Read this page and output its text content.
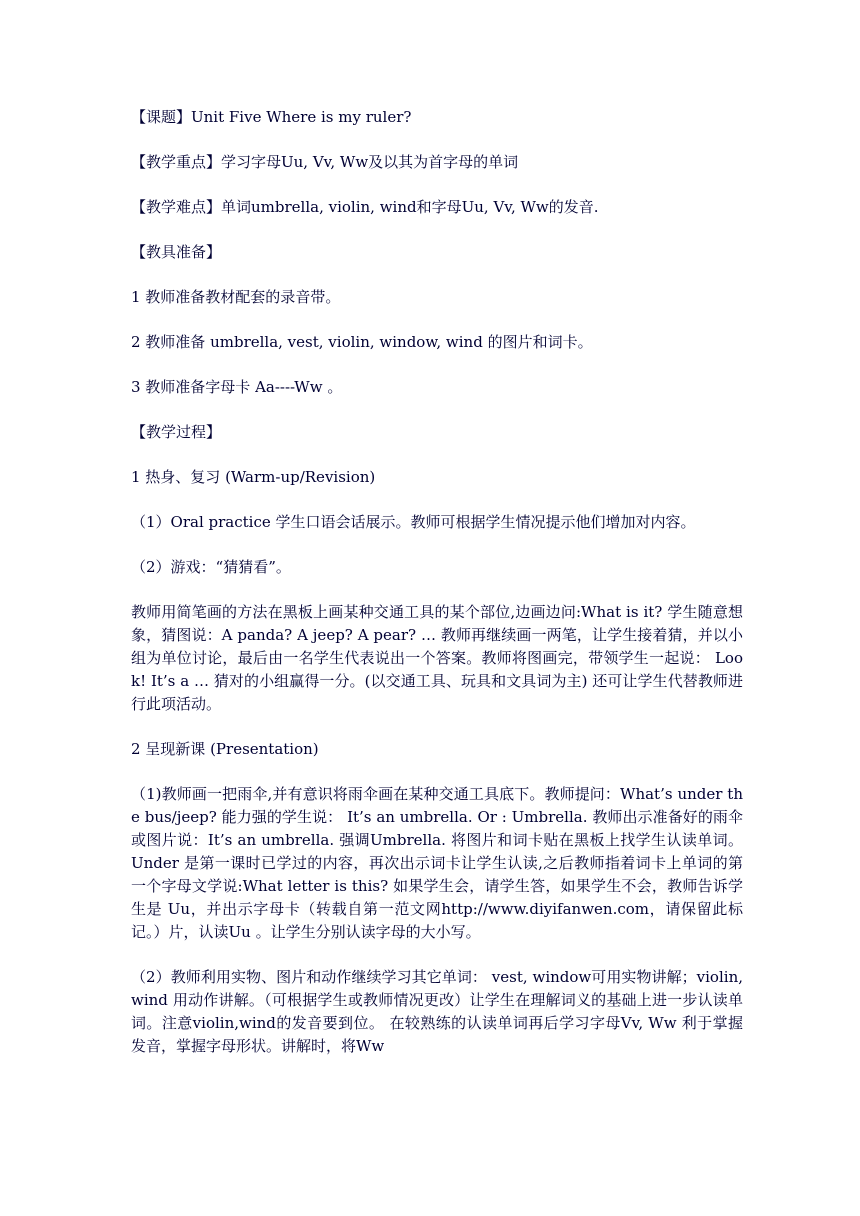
【课题】Unit Five Where is my ruler?

【教学重点】学习字母Uu, Vv, Ww及以其为首字母的单词

【教学难点】单词umbrella, violin, wind和字母Uu, Vv, Ww的发音.

【教具准备】

1 教师准备教材配套的录音带。

2 教师准备 umbrella, vest, violin, window, wind 的图片和词卡。

3 教师准备字母卡 Aa----Ww 。

【教学过程】

1 热身、复习 (Warm-up/Revision)

（1）Oral practice 学生口语会话展示。教师可根据学生情况提示他们增加对内容。

（2）游戏：“猜猜看”。

教师用简笔画的方法在黑板上画某种交通工具的某个部位,边画边问:What is it? 学生随意想象，猜图说：A panda? A jeep? A pear? … 教师再继续画一两笔，让学生接着猜，并以小组为单位讨论，最后由一名学生代表说出一个答案。教师将图画完，带领学生一起说： Look! It’s a … 猜对的小组赢得一分。(以交通工具、玩具和文具词为主) 还可让学生代替教师进行此项活动。

2 呈现新课 (Presentation)

（1)教师画一把雨伞,并有意识将雨伞画在某种交通工具底下。教师提问：What’s under the bus/jeep? 能力强的学生说： It’s an umbrella. Or : Umbrella. 教师出示准备好的雨伞或图片说：It’s an umbrella. 强调Umbrella. 将图片和词卡贴在黑板上找学生认读单词。Under 是第一课时已学过的内容，再次出示词卡让学生认读,之后教师指着词卡上单词的第一个字母文学说:What letter is this? 如果学生会，请学生答，如果学生不会，教师告诉学生是 Uu，并出示字母卡（转载自第一范文网http://www.diyifanwen.com，请保留此标记。）片，认读Uu 。让学生分别认读字母的大小写。

（2）教师利用实物、图片和动作继续学习其它单词： vest, window可用实物讲解；violin, wind 用动作讲解。（可根据学生或教师情况更改）让学生在理解词义的基础上进一步认读单词。注意violin,wind的发音要到位。 在较熟练的认读单词再后学习字母Vv, Ww 利于掌握发音，掌握字母形状。讲解时，将Ww
